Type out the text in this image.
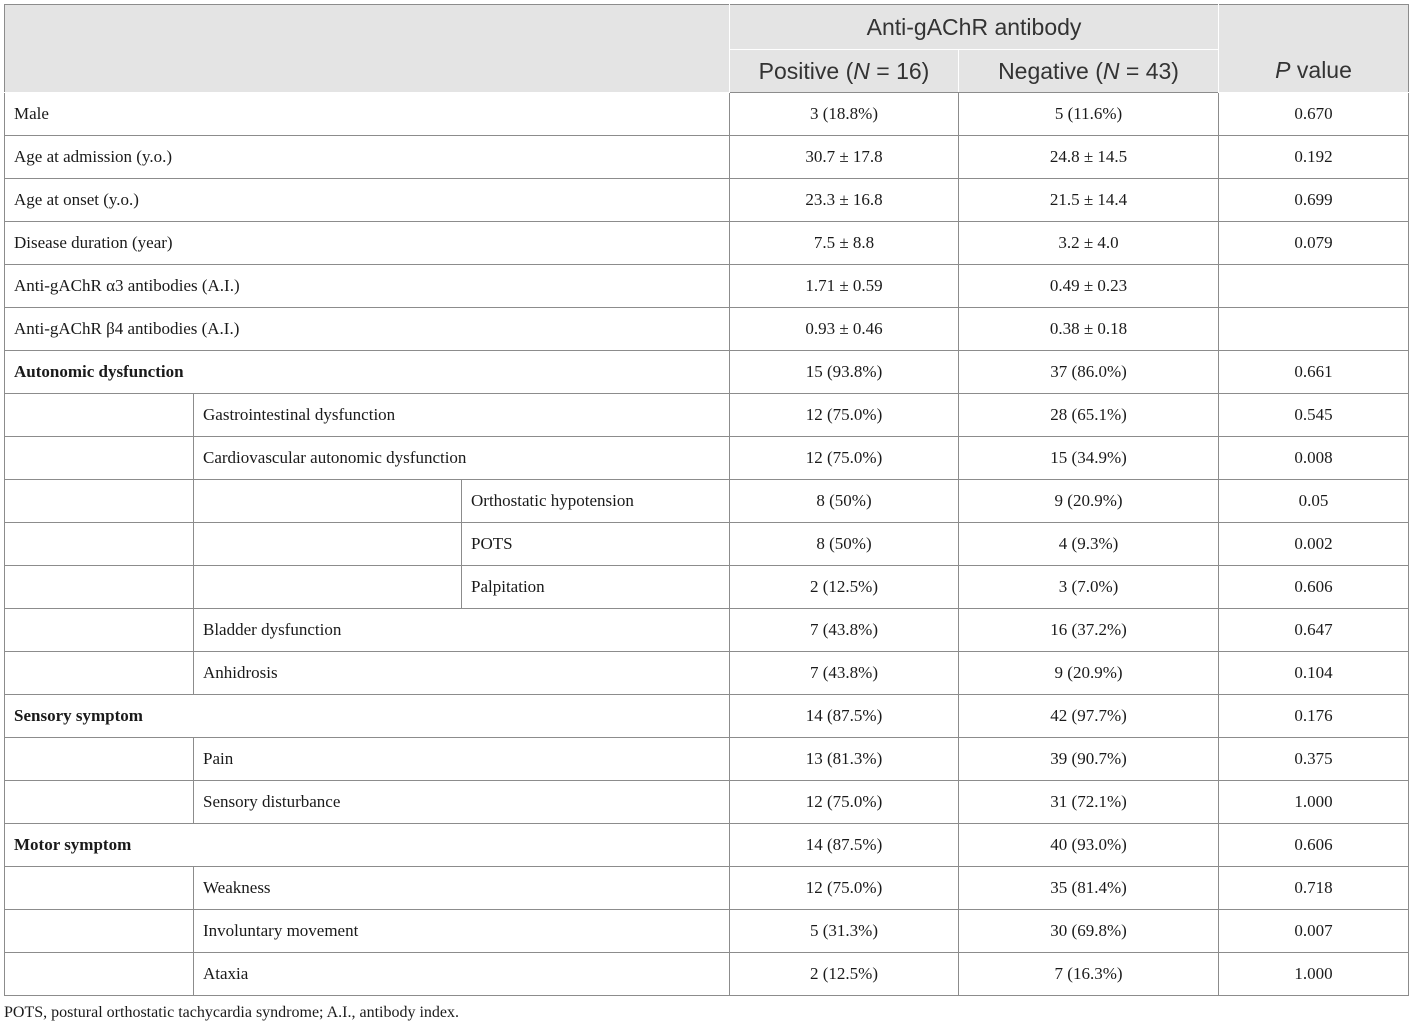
			Anti-gAChR antibody		P value
			Positive (N = 16)	Negative (N = 43)	
Male			3 (18.8%)	5 (11.6%)	0.670
Age at admission (y.o.)			30.7 ± 17.8	24.8 ± 14.5	0.192
Age at onset (y.o.)			23.3 ± 16.8	21.5 ± 14.4	0.699
Disease duration (year)			7.5 ± 8.8	3.2 ± 4.0	0.079
Anti-gAChR α3 antibodies (A.I.)			1.71 ± 0.59	0.49 ± 0.23	
Anti-gAChR β4 antibodies (A.I.)			0.93 ± 0.46	0.38 ± 0.18	
Autonomic dysfunction			15 (93.8%)	37 (86.0%)	0.661
	Gastrointestinal dysfunction		12 (75.0%)	28 (65.1%)	0.545
	Cardiovascular autonomic dysfunction		12 (75.0%)	15 (34.9%)	0.008
		Orthostatic hypotension	8 (50%)	9 (20.9%)	0.05
		POTS	8 (50%)	4 (9.3%)	0.002
		Palpitation	2 (12.5%)	3 (7.0%)	0.606
	Bladder dysfunction		7 (43.8%)	16 (37.2%)	0.647
	Anhidrosis		7 (43.8%)	9 (20.9%)	0.104
Sensory symptom			14 (87.5%)	42 (97.7%)	0.176
	Pain		13 (81.3%)	39 (90.7%)	0.375
	Sensory disturbance		12 (75.0%)	31 (72.1%)	1.000
Motor symptom			14 (87.5%)	40 (93.0%)	0.606
	Weakness		12 (75.0%)	35 (81.4%)	0.718
	Involuntary movement		5 (31.3%)	30 (69.8%)	0.007
	Ataxia		2 (12.5%)	7 (16.3%)	1.000
POTS, postural orthostatic tachycardia syndrome; A.I., antibody index.
